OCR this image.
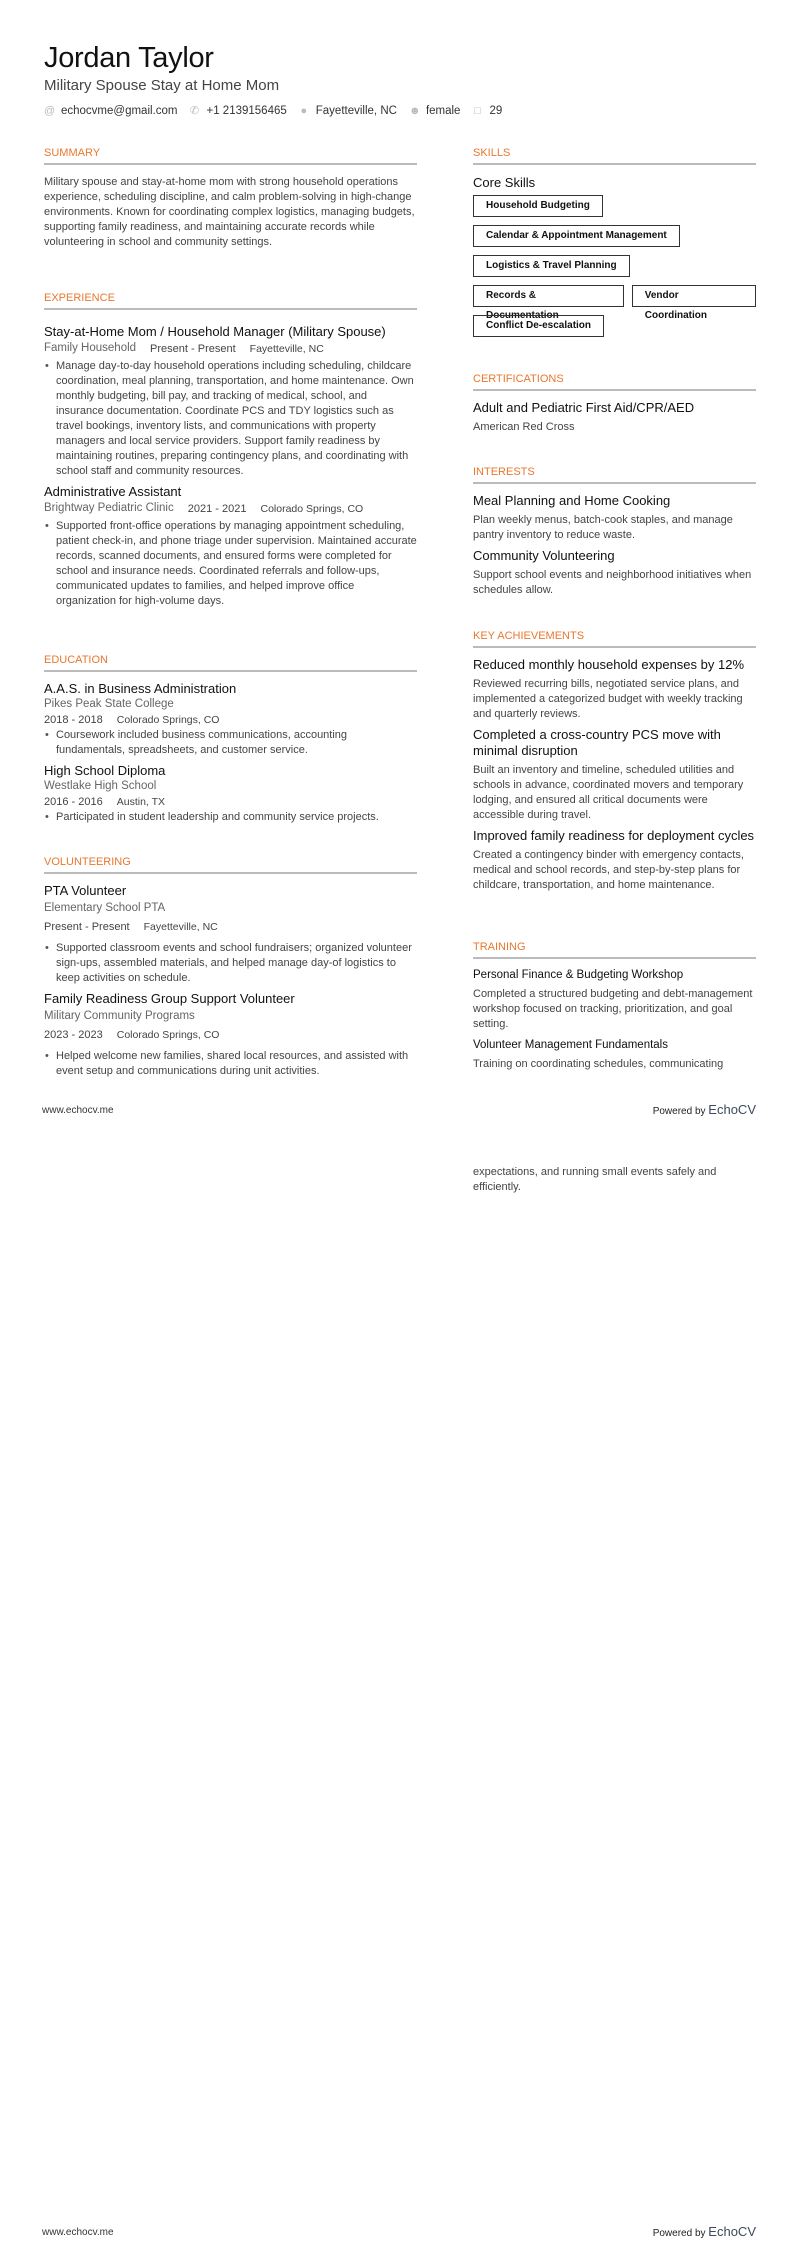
Jordan Taylor
Military Spouse Stay at Home Mom
@ echocvme@gmail.com ✆ +1 2139156465 ● Fayetteville, NC ☻ female □ 29
SUMMARY
Military spouse and stay-at-home mom with strong household operations experience, scheduling discipline, and calm problem-solving in high-change environments. Known for coordinating complex logistics, managing budgets, supporting family readiness, and maintaining accurate records while volunteering in school and community settings.
EXPERIENCE
Stay-at-Home Mom / Household Manager (Military Spouse)
Family Household Present - Present Fayetteville, NC
• Manage day-to-day household operations including scheduling, childcare coordination, meal planning, transportation, and home maintenance. Own monthly budgeting, bill pay, and tracking of medical, school, and insurance documentation. Coordinate PCS and TDY logistics such as travel bookings, inventory lists, and communications with property managers and local service providers. Support family readiness by maintaining routines, preparing contingency plans, and coordinating with school staff and community resources.
Administrative Assistant
Brightway Pediatric Clinic 2021 - 2021 Colorado Springs, CO
• Supported front-office operations by managing appointment scheduling, patient check-in, and phone triage under supervision. Maintained accurate records, scanned documents, and ensured forms were completed for school and insurance needs. Coordinated referrals and follow-ups, communicated updates to families, and helped improve office organization for high-volume days.
EDUCATION
A.A.S. in Business Administration
Pikes Peak State College
2018 - 2018 Colorado Springs, CO
• Coursework included business communications, accounting fundamentals, spreadsheets, and customer service.
High School Diploma
Westlake High School
2016 - 2016 Austin, TX
• Participated in student leadership and community service projects.
VOLUNTEERING
PTA Volunteer
Elementary School PTA
Present - Present Fayetteville, NC
• Supported classroom events and school fundraisers; organized volunteer sign-ups, assembled materials, and helped manage day-of logistics to keep activities on schedule.
Family Readiness Group Support Volunteer
Military Community Programs
2023 - 2023 Colorado Springs, CO
• Helped welcome new families, shared local resources, and assisted with event setup and communications during unit activities.
SKILLS
Core Skills
Household Budgeting
Calendar & Appointment Management
Logistics & Travel Planning
Records & Documentation
Vendor Coordination
Conflict De-escalation
CERTIFICATIONS
Adult and Pediatric First Aid/CPR/AED
American Red Cross
INTERESTS
Meal Planning and Home Cooking
Plan weekly menus, batch-cook staples, and manage pantry inventory to reduce waste.
Community Volunteering
Support school events and neighborhood initiatives when schedules allow.
KEY ACHIEVEMENTS
Reduced monthly household expenses by 12%
Reviewed recurring bills, negotiated service plans, and implemented a categorized budget with weekly tracking and quarterly reviews.
Completed a cross-country PCS move with minimal disruption
Built an inventory and timeline, scheduled utilities and schools in advance, coordinated movers and temporary lodging, and ensured all critical documents were accessible during travel.
Improved family readiness for deployment cycles
Created a contingency binder with emergency contacts, medical and school records, and step-by-step plans for childcare, transportation, and home maintenance.
TRAINING
Personal Finance & Budgeting Workshop
Completed a structured budgeting and debt-management workshop focused on tracking, prioritization, and goal setting.
Volunteer Management Fundamentals
Training on coordinating schedules, communicating
www.echocv.me	Powered by EchoCV
expectations, and running small events safely and efficiently.
www.echocv.me	Powered by EchoCV
